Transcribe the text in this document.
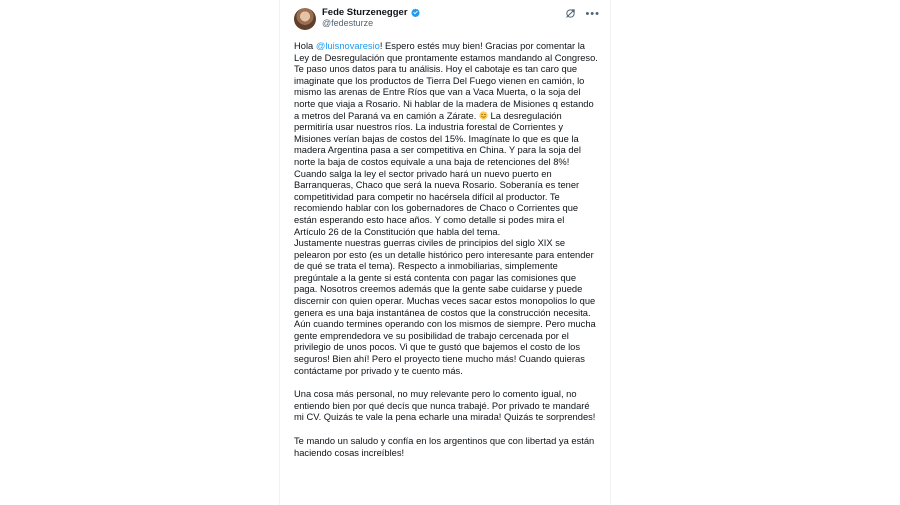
Fede Sturzenegger
@fedesturze
•••

Hola @luisnovaresio! Espero estés muy bien! Gracias por comentar la
Ley de Desregulación que prontamente estamos mandando al Congreso.
Te paso unos datos para tu análisis. Hoy el cabotaje es tan caro que
imaginate que los productos de Tierra Del Fuego vienen en camión, lo
mismo las arenas de Entre Ríos que van a Vaca Muerta, o la soja del
norte que viaja a Rosario. Ni hablar de la madera de Misiones q estando
a metros del Paraná va en camión a Zárate.  La desregulación
permitiría usar nuestros ríos. La industria forestal de Corrientes y
Misiones verían bajas de costos del 15%. Imagínate lo que es que la
madera Argentina pasa a ser competitiva en China. Y para la soja del
norte la baja de costos equivale a una baja de retenciones del 8%!
Cuando salga la ley el sector privado hará un nuevo puerto en
Barranqueras, Chaco que será la nueva Rosario. Soberanía es tener
competitividad para competir no hacérsela difícil al productor. Te
recomiendo hablar con los gobernadores de Chaco o Corrientes que
están esperando esto hace años. Y como detalle si podes mira el
Artículo 26 de la Constitución que habla del tema.
Justamente nuestras guerras civiles de principios del siglo XIX se
pelearon por esto (es un detalle histórico pero interesante para entender
de qué se trata el tema). Respecto a inmobiliarias, simplemente
pregúntale a la gente si está contenta con pagar las comisiones que
paga. Nosotros creemos además que la gente sabe cuidarse y puede
discernir con quien operar. Muchas veces sacar estos monopolios lo que
genera es una baja instantánea de costos que la construcción necesita.
Aún cuando termines operando con los mismos de siempre. Pero mucha
gente emprendedora ve su posibilidad de trabajo cercenada por el
privilegio de unos pocos. Vi que te gustó que bajemos el costo de los
seguros! Bien ahí! Pero el proyecto tiene mucho más! Cuando quieras
contáctame por privado y te cuento más.

Una cosa más personal, no muy relevante pero lo comento igual, no
entiendo bien por qué decís que nunca trabajé. Por privado te mandaré
mi CV. Quizás te vale la pena echarle una mirada! Quizás te sorprendes!

Te mando un saludo y confía en los argentinos que con libertad ya están
haciendo cosas increíbles!
